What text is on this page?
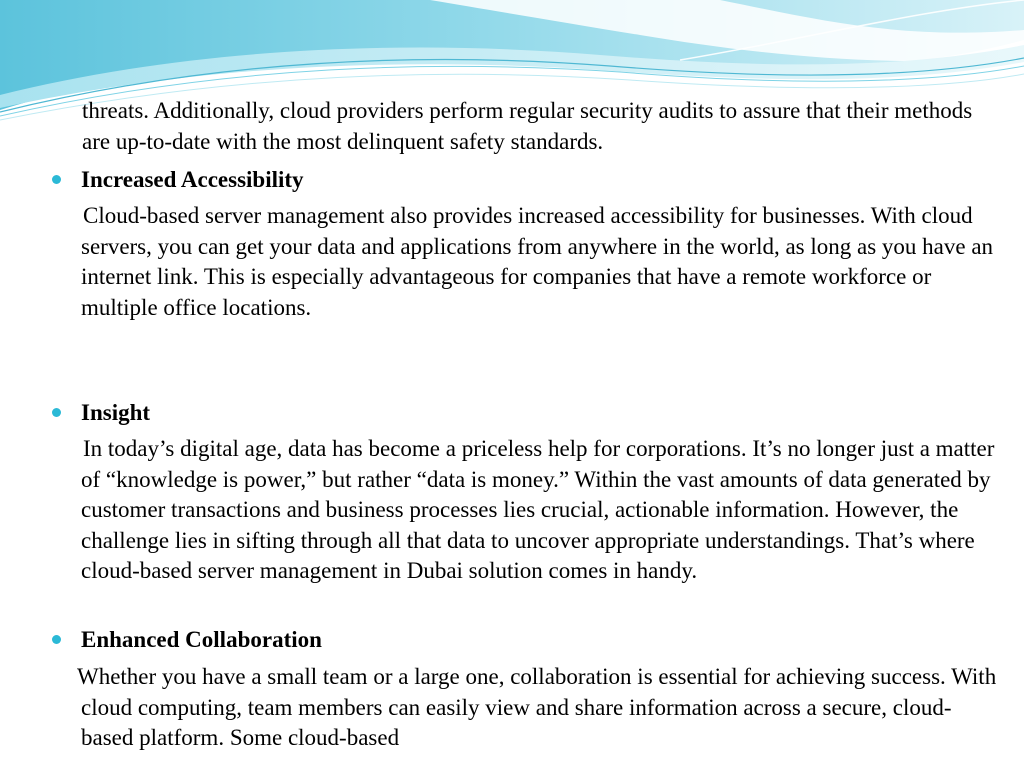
threats. Additionally, cloud providers perform regular security audits to assure that their methods are up-to-date with the most delinquent safety standards.

Increased Accessibility

Cloud-based server management also provides increased accessibility for businesses. With cloud servers, you can get your data and applications from anywhere in the world, as long as you have an internet link. This is especially advantageous for companies that have a remote workforce or multiple office locations.

Insight

In today’s digital age, data has become a priceless help for corporations. It’s no longer just a matter of “knowledge is power,” but rather “data is money.” Within the vast amounts of data generated by customer transactions and business processes lies crucial, actionable information. However, the challenge lies in sifting through all that data to uncover appropriate understandings. That’s where cloud-based server management in Dubai solution comes in handy.

Enhanced Collaboration

Whether you have a small team or a large one, collaboration is essential for achieving success. With cloud computing, team members can easily view and share information across a secure, cloud-based platform. Some cloud-based
